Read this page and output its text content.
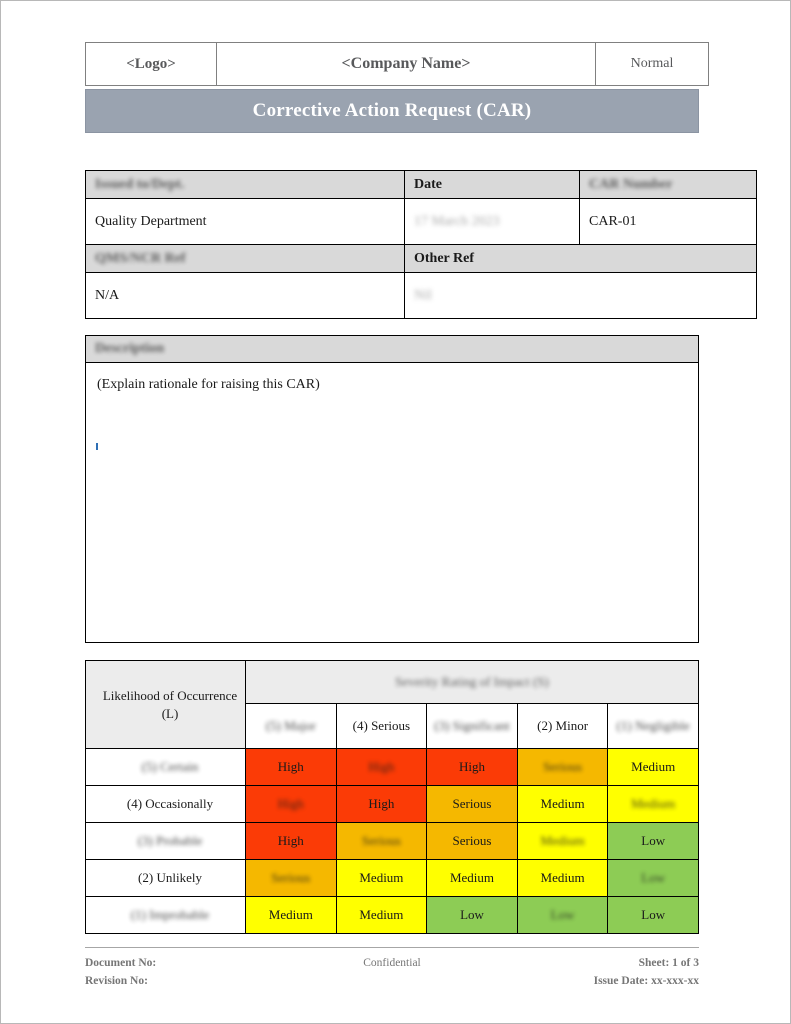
<Logo>	<Company Name>	Normal
Corrective Action Request (CAR)
Issued to/Dept.	Date	CAR Number
Quality Department	17 March 2023	CAR-01
QMS/NCR Ref	Other Ref	
N/A	Nil	
Description
(Explain rationale for raising this CAR)
Likelihood of Occurrence (L)	Severity Rating of Impact (S)				
	(5) Major	(4) Serious	(3) Significant	(2) Minor	(1) Negligible
(5) Certain	High	High	High	Serious	Medium
(4) Occasionally	High	High	Serious	Medium	Medium
(3) Probable	High	Serious	Serious	Medium	Low
(2) Unlikely	Serious	Medium	Medium	Medium	Low
(1) Improbable	Medium	Medium	Low	Low	Low
Document No:	Confidential	Sheet: 1 of 3
Revision No:	Issue Date: xx-xxx-xx
